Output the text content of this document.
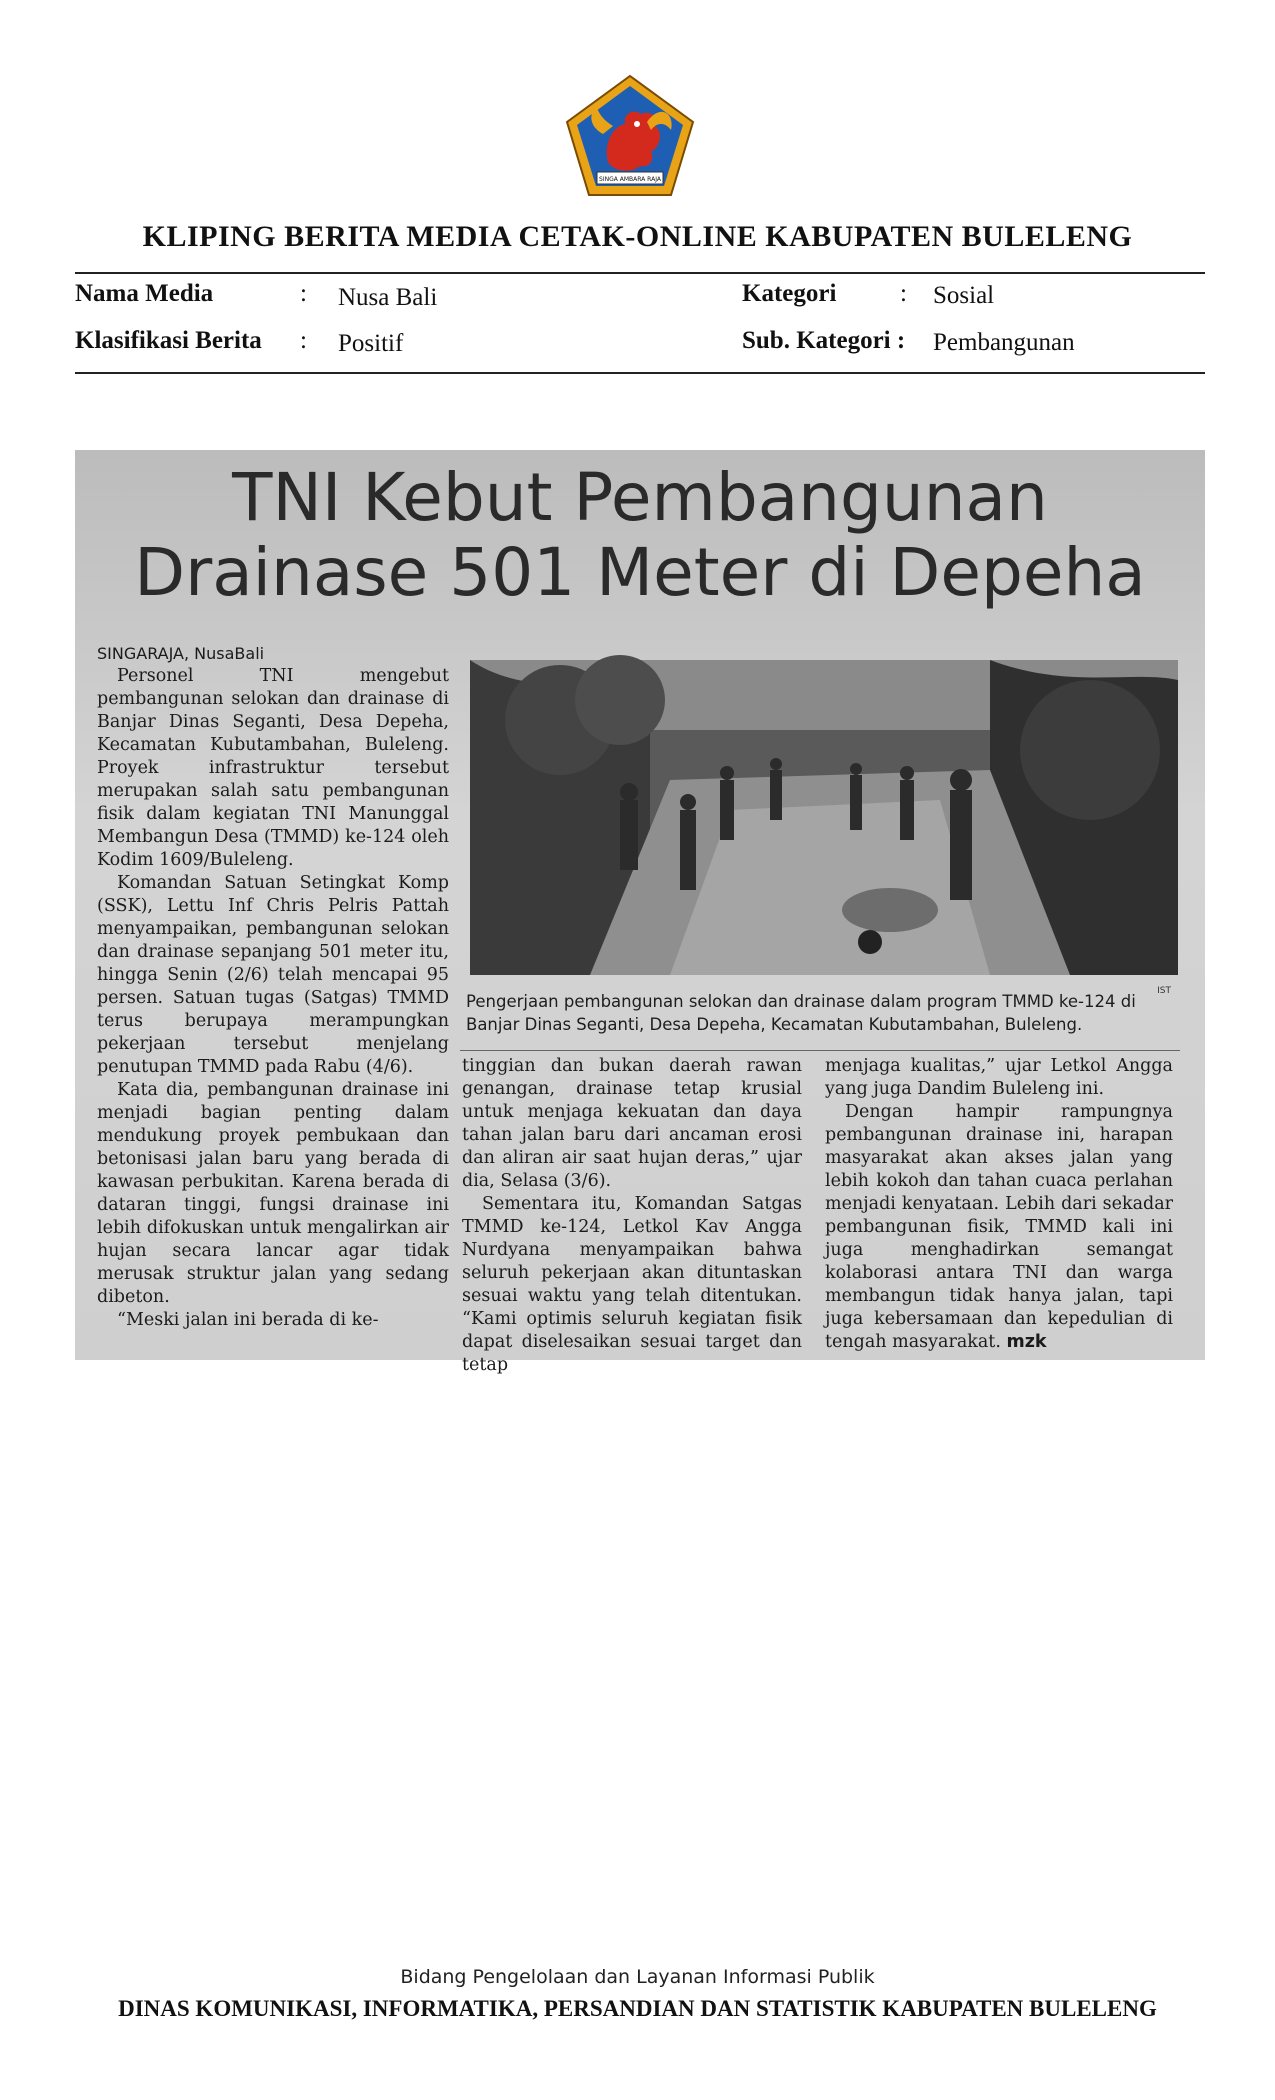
SINGA AMBARA RAJA
KLIPING BERITA MEDIA CETAK-ONLINE KABUPATEN BULELENG
Nama Media	: Nusa Bali	Kategori	: Sosial
Klasifikasi Berita : Positif	Sub. Kategori : Pembangunan
TNI Kebut Pembangunan
Drainase 501 Meter di Depeha

SINGARAJA, NusaBali

Personel TNI mengebut pembangunan selokan dan drainase di Banjar Dinas Seganti, Desa Depeha, Kecamatan Kubutambahan, Buleleng. Proyek infrastruktur tersebut merupakan salah satu pembangunan fisik dalam kegiatan TNI Manunggal Membangun Desa (TMMD) ke-124 oleh Kodim 1609/Buleleng.

Komandan Satuan Setingkat Komp (SSK), Lettu Inf Chris Pelris Pattah menyampaikan, pembangunan selokan dan drainase sepanjang 501 meter itu, hingga Senin (2/6) telah mencapai 95 persen. Satuan tugas (Satgas) TMMD terus berupaya merampungkan pekerjaan tersebut menjelang penutupan TMMD pada Rabu (4/6).

Kata dia, pembangunan drainase ini menjadi bagian penting dalam mendukung proyek pembukaan dan betonisasi jalan baru yang berada di kawasan perbukitan. Karena berada di dataran tinggi, fungsi drainase ini lebih difokuskan untuk mengalirkan air hujan secara lancar agar tidak merusak struktur jalan yang sedang dibeton.

“Meski jalan ini berada di ke-

IST
Pengerjaan pembangunan selokan dan drainase dalam program TMMD ke-124 di Banjar Dinas Seganti, Desa Depeha, Kecamatan Kubutambahan, Buleleng.

tinggian dan bukan daerah rawan genangan, drainase tetap krusial untuk menjaga kekuatan dan daya tahan jalan baru dari ancaman erosi dan aliran air saat hujan deras,” ujar dia, Selasa (3/6).

Sementara itu, Komandan Satgas TMMD ke-124, Letkol Kav Angga Nurdyana menyampaikan bahwa seluruh pekerjaan akan dituntaskan sesuai waktu yang telah ditentukan. “Kami optimis seluruh kegiatan fisik dapat diselesaikan sesuai target dan tetap

menjaga kualitas,” ujar Letkol Angga yang juga Dandim Buleleng ini.

Dengan hampir rampungnya pembangunan drainase ini, harapan masyarakat akan akses jalan yang lebih kokoh dan tahan cuaca perlahan menjadi kenyataan. Lebih dari sekadar pembangunan fisik, TMMD kali ini juga menghadirkan semangat kolaborasi antara TNI dan warga membangun tidak hanya jalan, tapi juga kebersamaan dan kepedulian di tengah masyarakat. mzk

Bidang Pengelolaan dan Layanan Informasi Publik
DINAS KOMUNIKASI, INFORMATIKA, PERSANDIAN DAN STATISTIK KABUPATEN BULELENG
